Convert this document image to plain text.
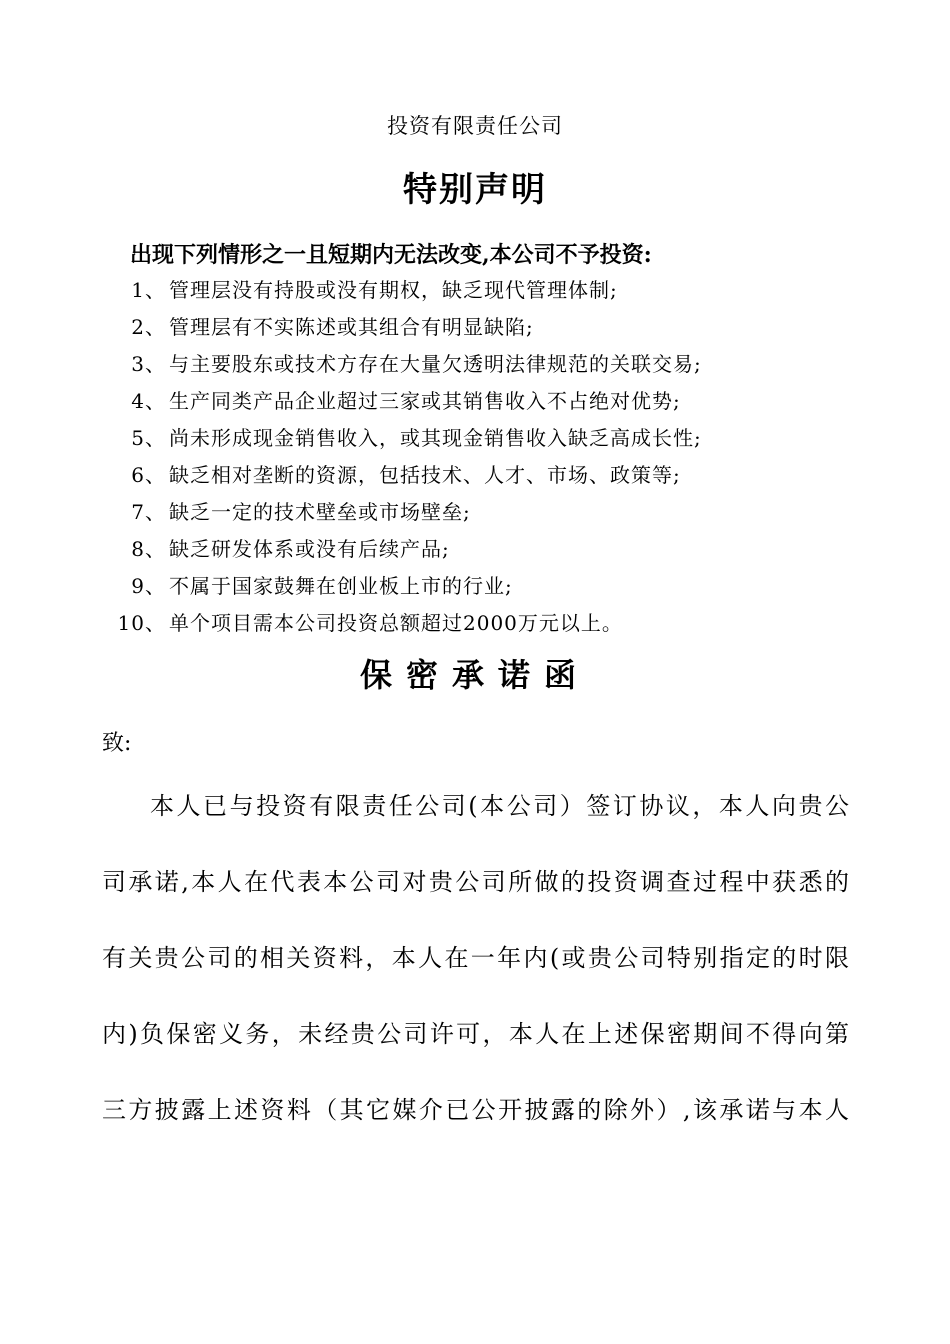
投资有限责任公司
特别声明
出现下列情形之一且短期内无法改变,本公司不予投资:
1、 管理层没有持股或没有期权，缺乏现代管理体制;
2、 管理层有不实陈述或其组合有明显缺陷;
3、 与主要股东或技术方存在大量欠透明法律规范的关联交易;
4、 生产同类产品企业超过三家或其销售收入不占绝对优势;
5、 尚未形成现金销售收入，或其现金销售收入缺乏高成长性;
6、 缺乏相对垄断的资源，包括技术、人才、市场、政策等;
7、 缺乏一定的技术壁垒或市场壁垒;
8、 缺乏研发体系或没有后续产品;
9、 不属于国家鼓舞在创业板上市的行业;
10、 单个项目需本公司投资总额超过2000万元以上。
保密承诺函
致:
本人已与投资有限责任公司(本公司）签订协议，本人向贵公
司承诺,本人在代表本公司对贵公司所做的投资调查过程中获悉的
有关贵公司的相关资料，本人在一年内(或贵公司特别指定的时限
内)负保密义务，未经贵公司许可，本人在上述保密期间不得向第
三方披露上述资料（其它媒介已公开披露的除外）,该承诺与本人
